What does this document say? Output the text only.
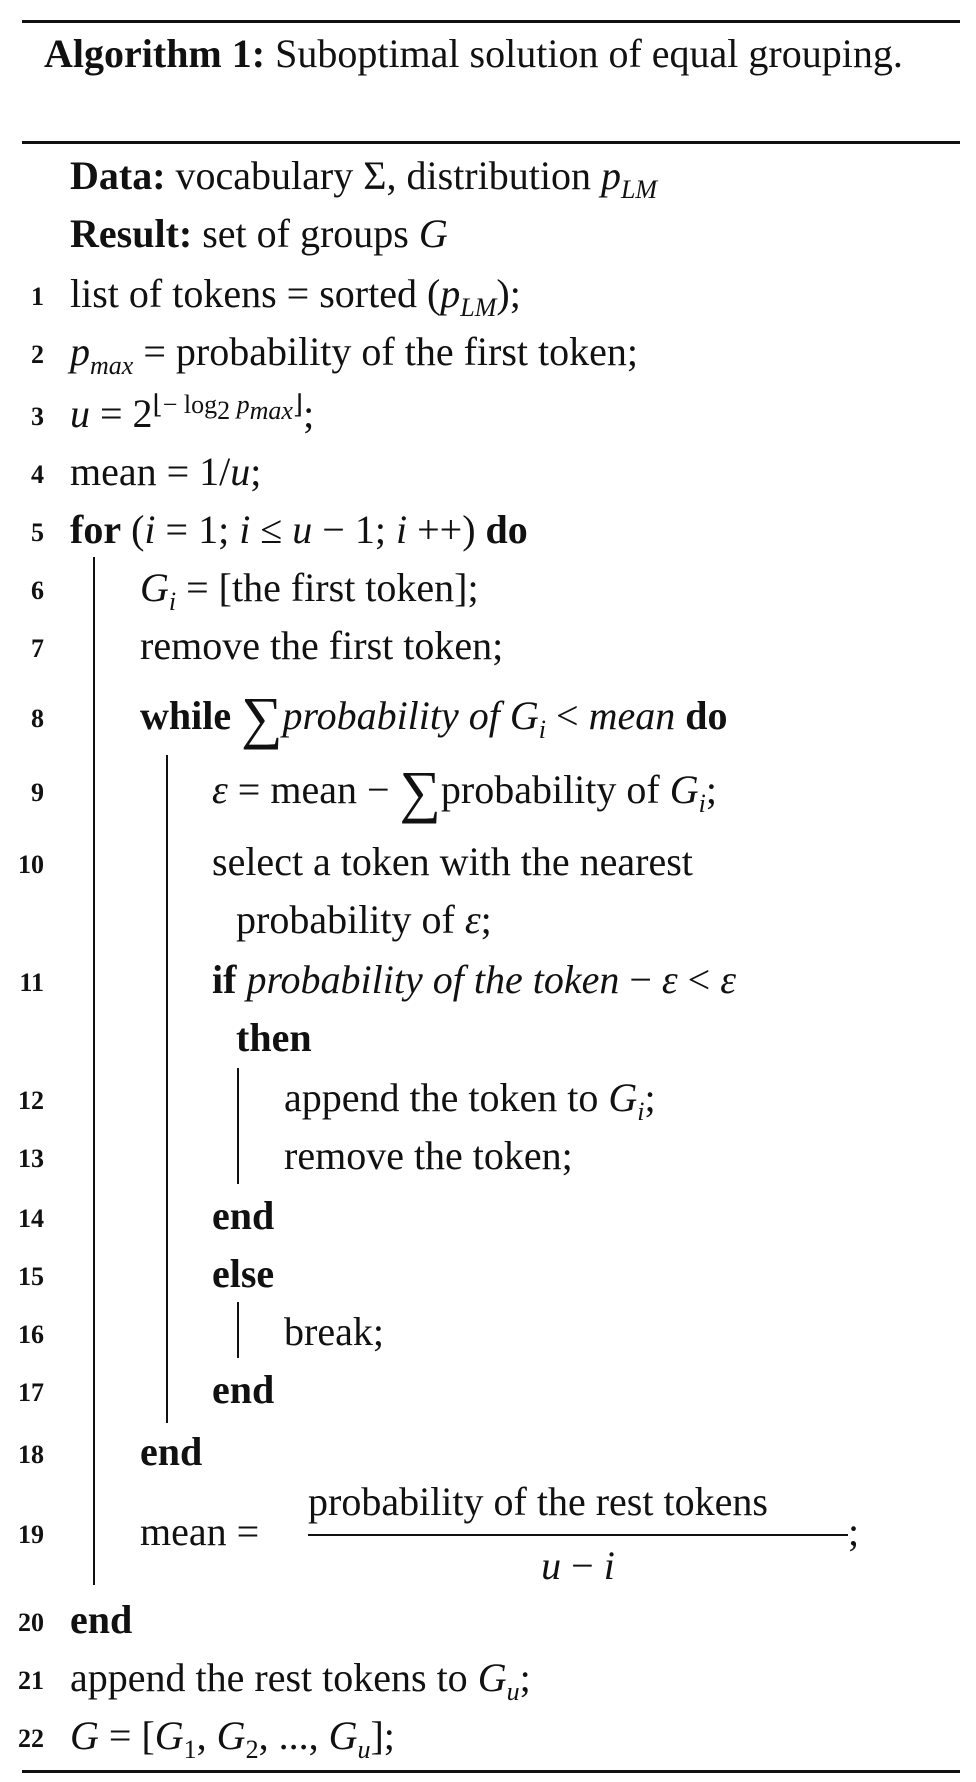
Algorithm 1: Suboptimal solution of equal grouping.
Data: vocabulary Σ, distribution $p_{LM}$
Result: set of groups G
1 list of tokens = sorted $(p_{LM})$;
2 $p_{max}$ = probability of the first token;
3 $u = 2^{⌊- log_2 p_{max}⌋}$;
4 mean = 1/u;
5 for (i = 1; i ≤ u − 1; i ++) do
6 $G_i = [the$ first token];
7 remove the first token;
8 while ∑probability of $G_i$ < mean do
9	ε = mean − ∑probability of $G_i$;
10	select a token with the nearest
probability of ε;
11	if probability of the token − ε < ε
then
12	append the token to $G_i$;
13	remove the token;
14	end
15	else
16	break;
17	end
18 end
19 mean =
probability of the rest tokens
u − i
;
20 end
21 append the rest tokens to $G_u$;
22 $G = [G_1$, $G_2$, ..., $G_u$];
